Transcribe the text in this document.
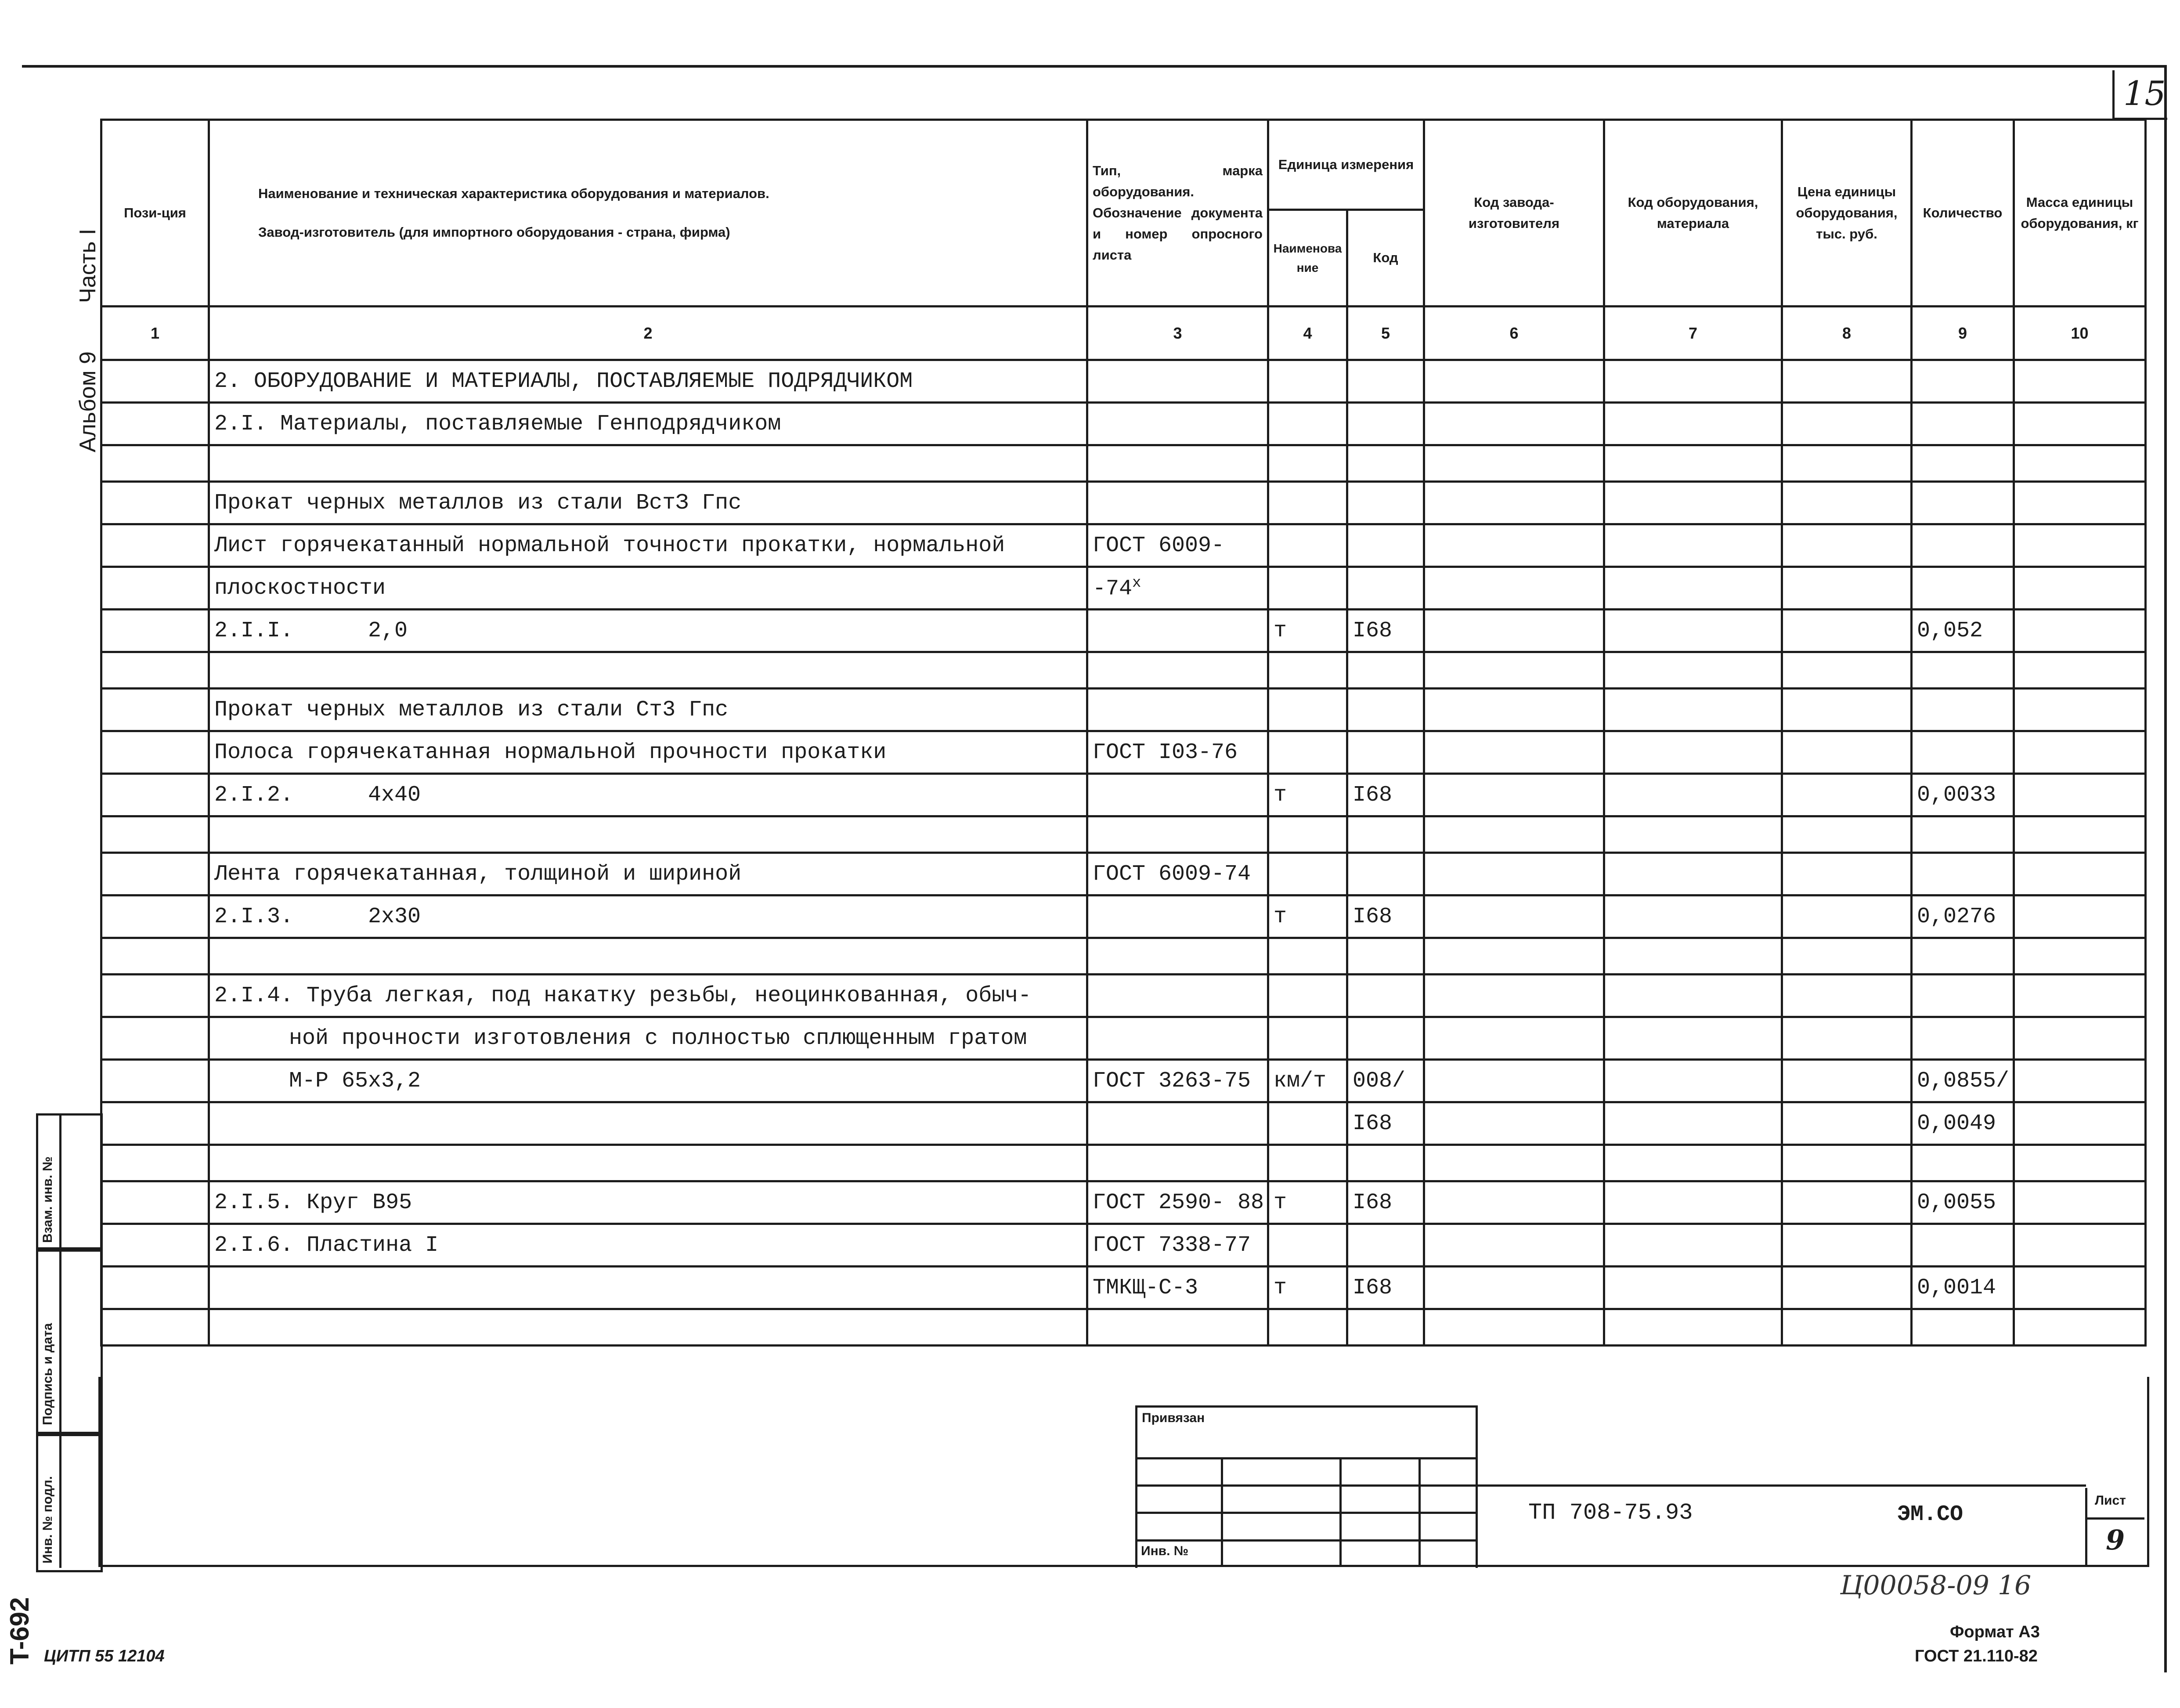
15
Часть I
Альбом 9
T-692
Взам. инв. №
Подпись и дата
Инв. № подл.
Пози-ция	Наименование и техническая характеристика оборудования и материалов.
Завод-изготовитель (для импортного оборудования - страна, фирма)	Тип, марка оборудования. Обозначение документа и номер опросного листа	Единица измерения		Код завода-изготовителя	Код оборудования, материала	Цена единицы оборудования, тыс. руб.	Количество	Масса единицы оборудования, кг
			Наименование	Код					
1	2	3	4	5	6	7	8	9	10
	2. ОБОРУДОВАНИЕ И МАТЕРИАЛЫ, ПОСТАВЛЯЕМЫЕ ПОДРЯДЧИКОМ								
	2.I. Материалы, поставляемые Генподрядчиком								

	Прокат черных металлов из стали ВстЗ Гпс								
	Лист горячекатанный нормальной точности прокатки, нормальной	ГОСТ 6009-							
	плоскостности	-74$^x$							
	2.I.I. 2,0		т	I68				0,052	

	Прокат черных металлов из стали Ст3 Гпс								
	Полоса горячекатанная нормальной прочности прокатки	ГОСТ I03-76							
	2.I.2. 4x40		т	I68				0,0033	

	Лента горячекатанная, толщиной и шириной	ГОСТ 6009-74							
	2.I.3. 2x30		т	I68				0,0276	

	2.I.4. Труба легкая, под накатку резьбы, неоцинкованная, обыч-								
	ной прочности изготовления с полностью сплющенным гратом								
	М-Р 65x3,2	ГОСТ 3263-75	км/т	008/				0,0855/	
				I68				0,0049	

	2.I.5. Круг В95	ГОСТ 2590- 88	т	I68				0,0055	
	2.I.6. Пластина I	ГОСТ 7338-77							
		ТМКЩ-С-3	т	I68				0,0014	

Привязан
Инв. №
ТП 708-75.93	ЭМ.СО
Лист
9
Ц00058-09 16
Формат А3
ГОСТ 21.110-82
ЦИТП 55 12104
